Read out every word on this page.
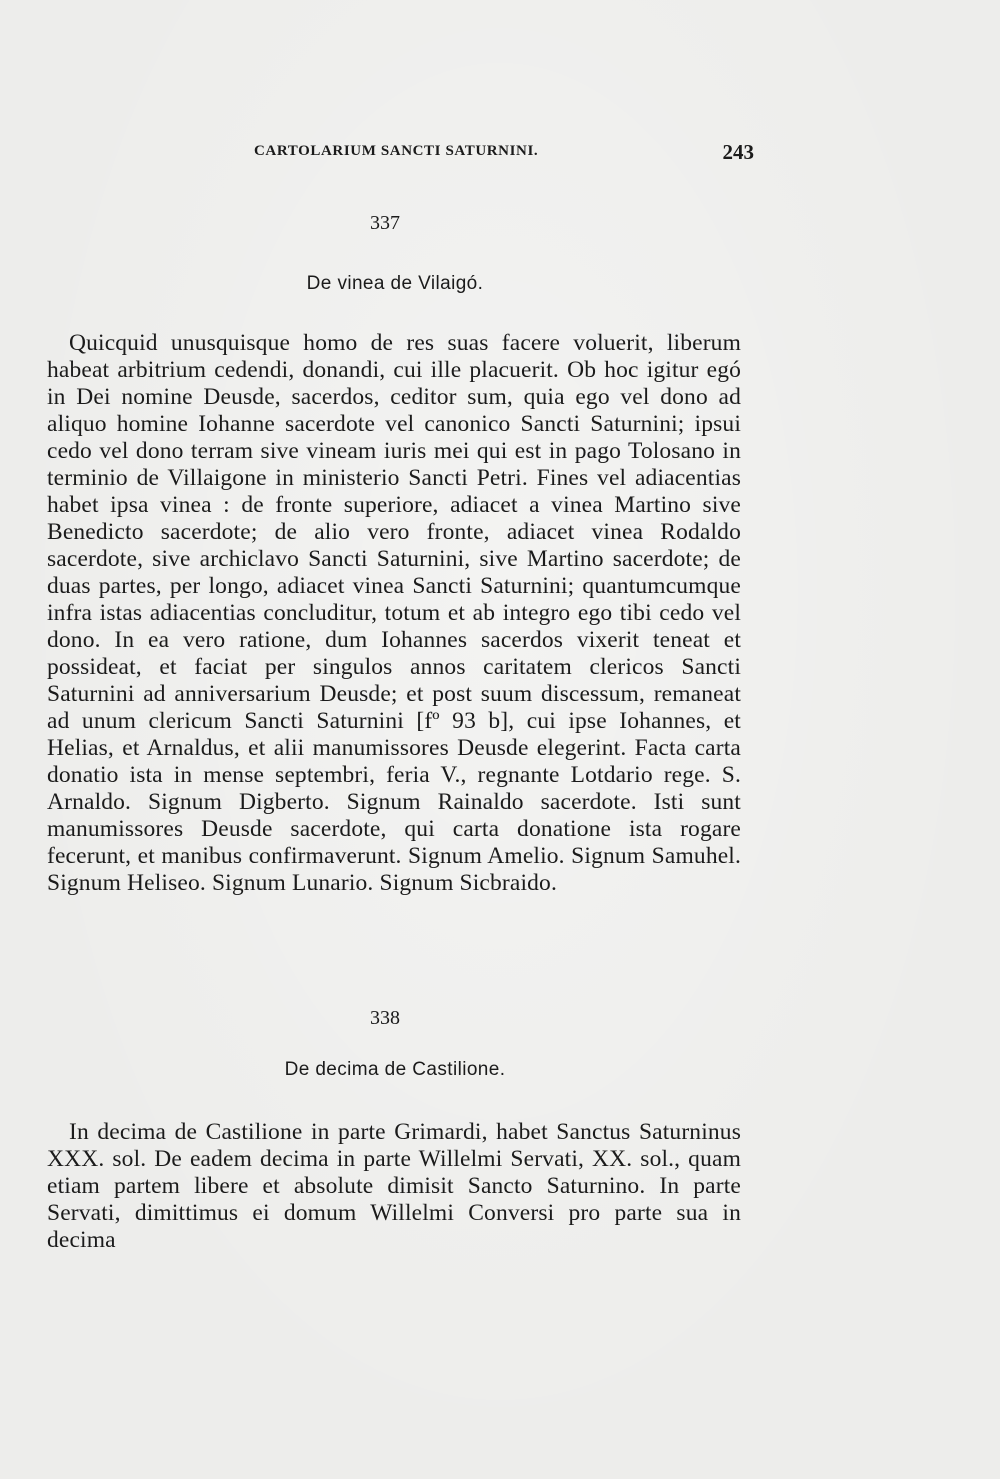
CARTOLARIUM SANCTI SATURNINI.	243
337
De vinea de Vilaigó.

Quicquid unusquisque homo de res suas facere voluerit, liberum habeat arbitrium cedendi, donandi, cui ille placuerit. Ob hoc igitur egó in Dei nomine Deusde, sacerdos, ceditor sum, quia ego vel dono ad aliquo homine Iohanne sacerdote vel canonico Sancti Saturnini; ipsui cedo vel dono terram sive vineam iuris mei qui est in pago Tolosano in terminio de Villaigone in ministerio Sancti Petri. Fines vel adiacentias habet ipsa vinea : de fronte superiore, adiacet a vinea Martino sive Benedicto sacerdote; de alio vero fronte, adiacet vinea Rodaldo sacerdote, sive archiclavo Sancti Saturnini, sive Martino sacerdote; de duas partes, per longo, adiacet vinea Sancti Saturnini; quantumcumque infra istas adiacentias concluditur, totum et ab integro ego tibi cedo vel dono. In ea vero ratione, dum Iohannes sacerdos vixerit teneat et possideat, et faciat per singulos annos caritatem clericos Sancti Saturnini ad anniversarium Deusde; et post suum discessum, remaneat ad unum clericum Sancti Saturnini [fº 93 b], cui ipse Iohannes, et Helias, et Arnaldus, et alii manumissores Deusde elegerint. Facta carta donatio ista in mense septembri, feria V., regnante Lotdario rege. S. Arnaldo. Signum Digberto. Signum Rainaldo sacerdote. Isti sunt manumissores Deusde sacerdote, qui carta donatione ista rogare fecerunt, et manibus confirmaverunt. Signum Amelio. Signum Samuhel. Signum Heliseo. Signum Lunario. Signum Sicbraido.

338
De decima de Castilione.

In decima de Castilione in parte Grimardi, habet Sanctus Saturninus XXX. sol. De eadem decima in parte Willelmi Servati, XX. sol., quam etiam partem libere et absolute dimisit Sancto Saturnino. In parte Servati, dimittimus ei domum Willelmi Conversi pro parte sua in decima
